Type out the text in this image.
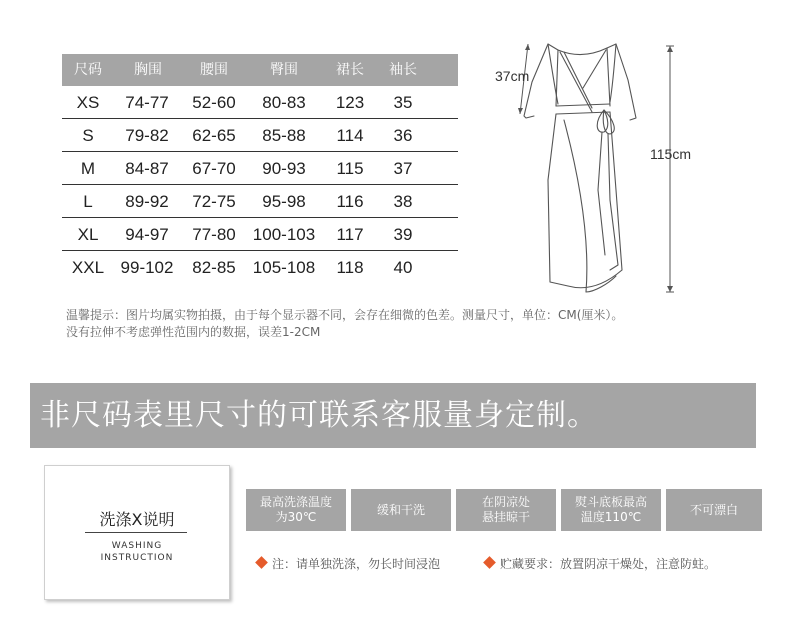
尺码 胸围	腰围	臀围	裙长 袖长
XS 74-77 52-60 80-83 123 35
S 79-82 62-65 85-88 114 36
M 84-87 67-70 90-93 115 37
L 89-92 72-75 95-98 116 38
XL 94-97 77-80 100-103 117 39
XXL 99-102 82-85 105-108 118 40
37cm
115cm

温馨提示：图片均属实物拍摄，由于每个显示器不同，会存在细微的色差。测量尺寸，单位：CM(厘米）。

没有拉伸不考虑弹性范围内的数据，误差1-2CM

非尺码表里尺寸的可联系客服量身定制。
洗涤X说明
WASHING
INSTRUCTION
最高洗涤温度
为30℃
缓和干洗
在阴凉处
悬挂晾干
熨斗底板最高
温度110℃
不可漂白
注：请单独洗涤，勿长时间浸泡	贮藏要求：放置阴凉干燥处，注意防蛀。
